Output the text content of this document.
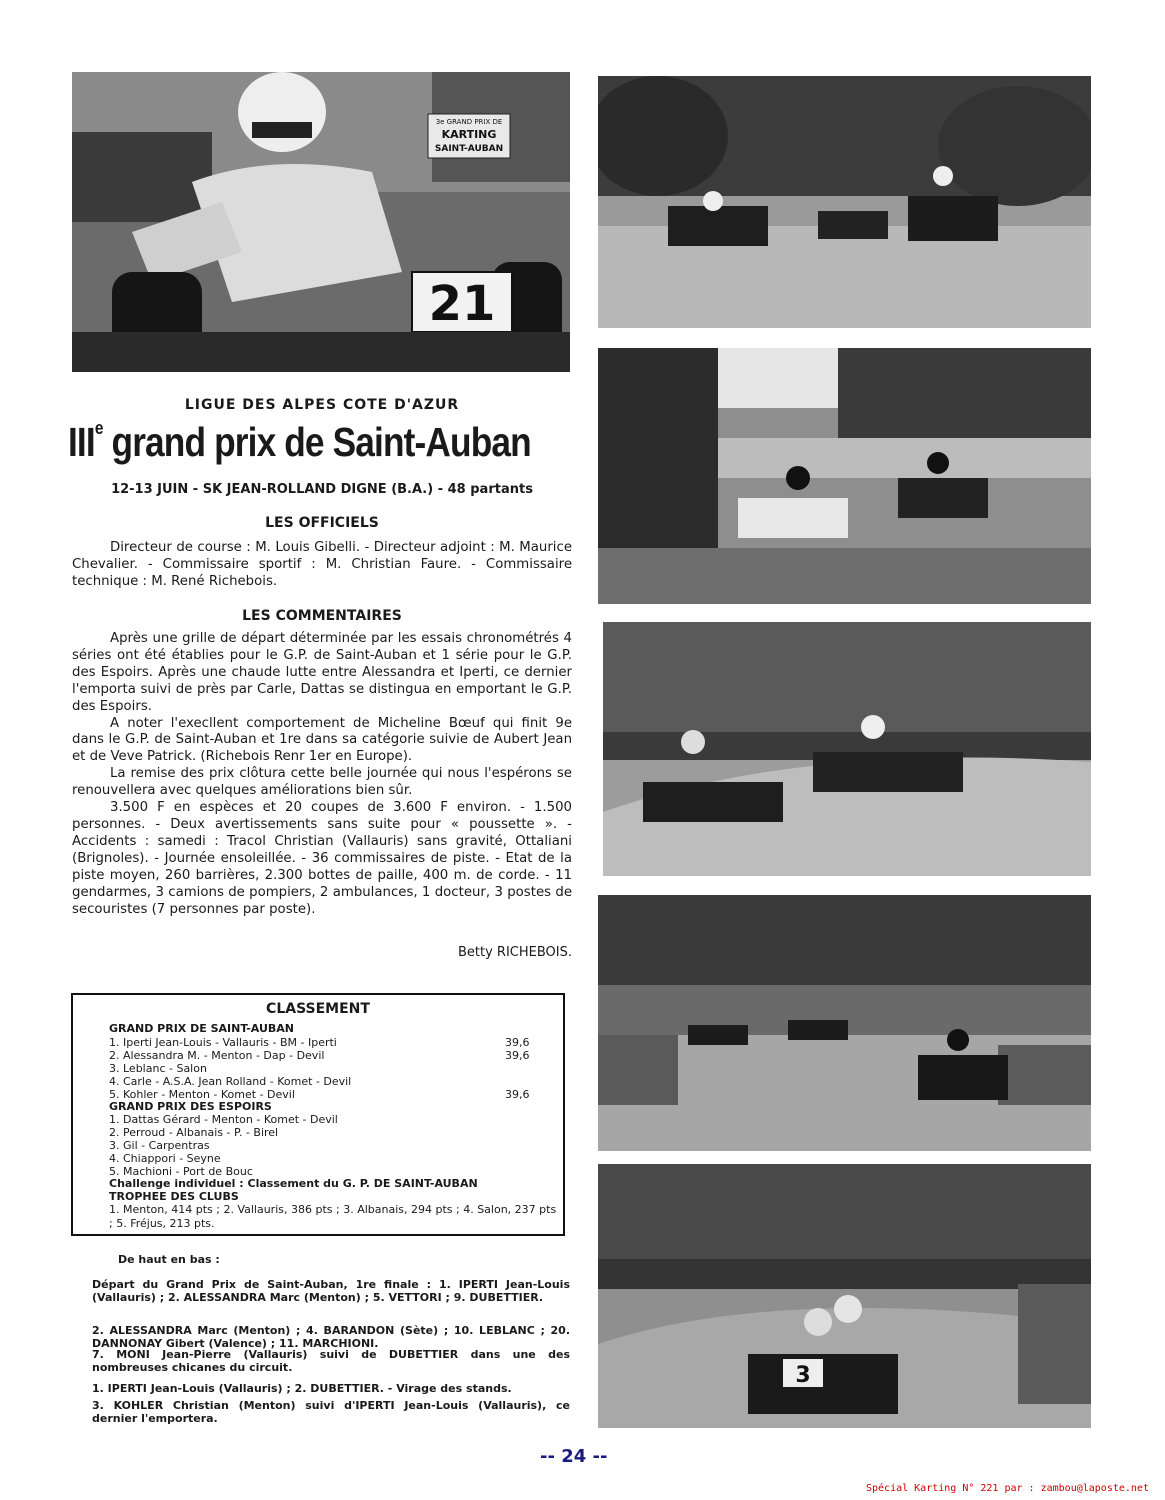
3e GRAND PRIX DE
KARTING
SAINT-AUBAN
21
3
LIGUE DES ALPES COTE D'AZUR
IIIe grand prix de Saint-Auban
12-13 JUIN - SK JEAN-ROLLAND DIGNE (B.A.) - 48 partants
LES OFFICIELS

Directeur de course : M. Louis Gibelli. - Directeur adjoint : M. Maurice Chevalier. - Commissaire sportif : M. Christian Faure. - Commissaire technique : M. René Richebois.

LES COMMENTAIRES

Après une grille de départ déterminée par les essais chronométrés 4 séries ont été établies pour le G.P. de Saint-Auban et 1 série pour le G.P. des Espoirs. Après une chaude lutte entre Alessandra et Iperti, ce dernier l'emporta suivi de près par Carle, Dattas se distingua en emportant le G.P. des Espoirs.

A noter l'execllent comportement de Micheline Bœuf qui finit 9e dans le G.P. de Saint-Auban et 1re dans sa catégorie suivie de Aubert Jean et de Veve Patrick. (Richebois Renr 1er en Europe).

La remise des prix clôtura cette belle journée qui nous l'espérons se renouvellera avec quelques améliorations bien sûr.

3.500 F en espèces et 20 coupes de 3.600 F environ. - 1.500 personnes. - Deux avertissements sans suite pour « poussette ». - Accidents : samedi : Tracol Christian (Vallauris) sans gravité, Ottaliani (Brignoles). - Journée ensoleillée. - 36 commissaires de piste. - Etat de la piste moyen, 260 barrières, 2.300 bottes de paille, 400 m. de corde. - 11 gendarmes, 3 camions de pompiers, 2 ambulances, 1 docteur, 3 postes de secouristes (7 personnes par poste).

Betty RICHEBOIS.
CLASSEMENT
GRAND PRIX DE SAINT-AUBAN
1. Iperti Jean-Louis - Vallauris - BM - Iperti	39,6
2. Alessandra M. - Menton - Dap - Devil	39,6
3. Leblanc - Salon
4. Carle - A.S.A. Jean Rolland - Komet - Devil
5. Kohler - Menton - Komet - Devil	39,6
GRAND PRIX DES ESPOIRS
1. Dattas Gérard - Menton - Komet - Devil
2. Perroud - Albanais - P. - Birel
3. Gil - Carpentras
4. Chiappori - Seyne
5. Machioni - Port de Bouc
Challenge individuel : Classement du G. P. DE SAINT-AUBAN
TROPHEE DES CLUBS
1. Menton, 414 pts ; 2. Vallauris, 386 pts ; 3. Albanais, 294 pts ; 4. Salon, 237 pts ; 5. Fréjus, 213 pts.
De haut en bas :
Départ du Grand Prix de Saint-Auban, 1re finale : 1. IPERTI Jean-Louis (Vallauris) ; 2. ALESSANDRA Marc (Menton) ; 5. VETTORI ; 9. DUBETTIER.
2. ALESSANDRA Marc (Menton) ; 4. BARANDON (Sète) ; 10. LEBLANC ; 20. DANNONAY Gibert (Valence) ; 11. MARCHIONI.
7. MONI Jean-Pierre (Vallauris) suivi de DUBETTIER dans une des nombreuses chicanes du circuit.
1. IPERTI Jean-Louis (Vallauris) ; 2. DUBETTIER. - Virage des stands.
3. KOHLER Christian (Menton) suivi d'IPERTI Jean-Louis (Vallauris), ce dernier l'emportera.
-- 24 --
Spécial Karting N° 221 par : zambou@laposte.net
